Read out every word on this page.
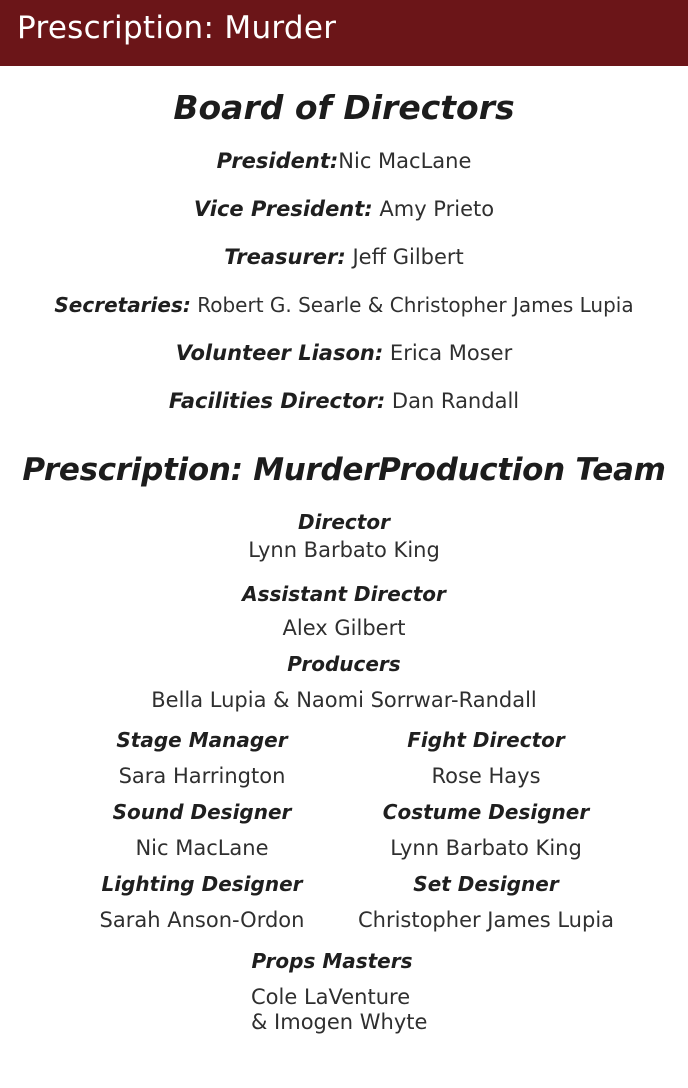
Prescription: Murder
Board of Directors
President:Nic MacLane
Vice President: Amy Prieto
Treasurer: Jeff Gilbert
Secretaries: Robert G. Searle & Christopher James Lupia
Volunteer Liason: Erica Moser
Facilities Director: Dan Randall
Prescription: MurderProduction Team
Director
Lynn Barbato King
Assistant Director
Alex Gilbert
Producers
Bella Lupia & Naomi Sorrwar-Randall
Stage Manager
Sara Harrington
Fight Director
Rose Hays
Sound Designer
Nic MacLane
Costume Designer
Lynn Barbato King
Lighting Designer
Sarah Anson-Ordon
Set Designer
Christopher James Lupia
Props Masters
Cole LaVenture
& Imogen Whyte
